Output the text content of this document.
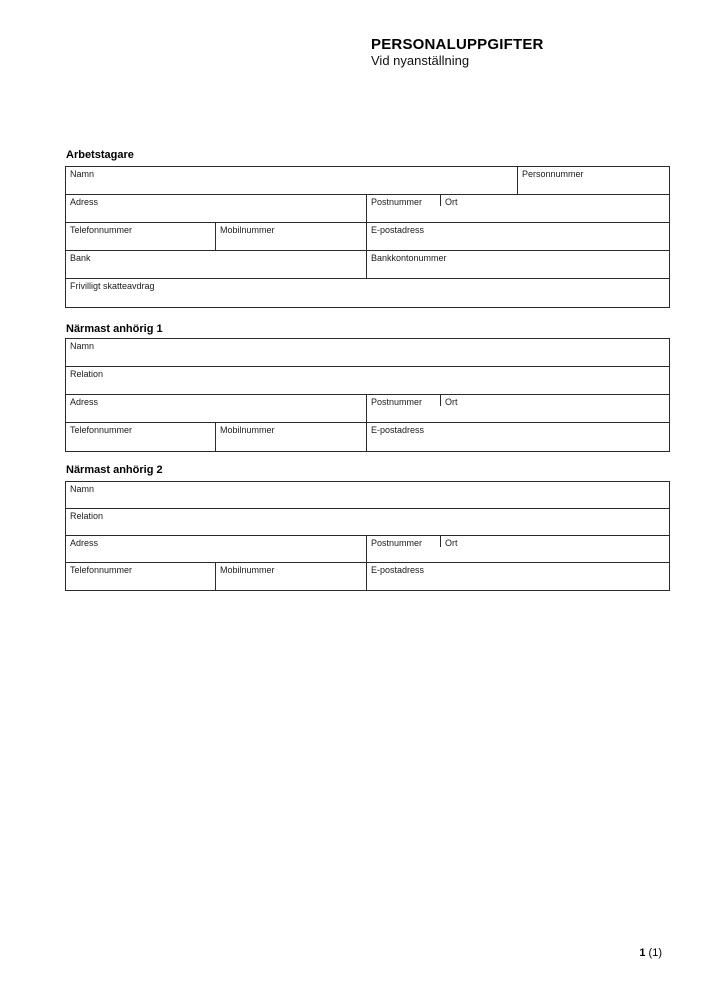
PERSONALUPPGIFTER
Vid nyanställning
Arbetstagare
Namn	Personnummer
Adress	Postnummer	Ort
Telefonnummer	Mobilnummer	E-postadress
Bank	Bankkontonummer
Frivilligt skatteavdrag
Närmast anhörig 1
Namn
Relation
Adress	Postnummer	Ort
Telefonnummer	Mobilnummer	E-postadress
Närmast anhörig 2
Namn
Relation
Adress	Postnummer	Ort
Telefonnummer	Mobilnummer	E-postadress
1 (1)
